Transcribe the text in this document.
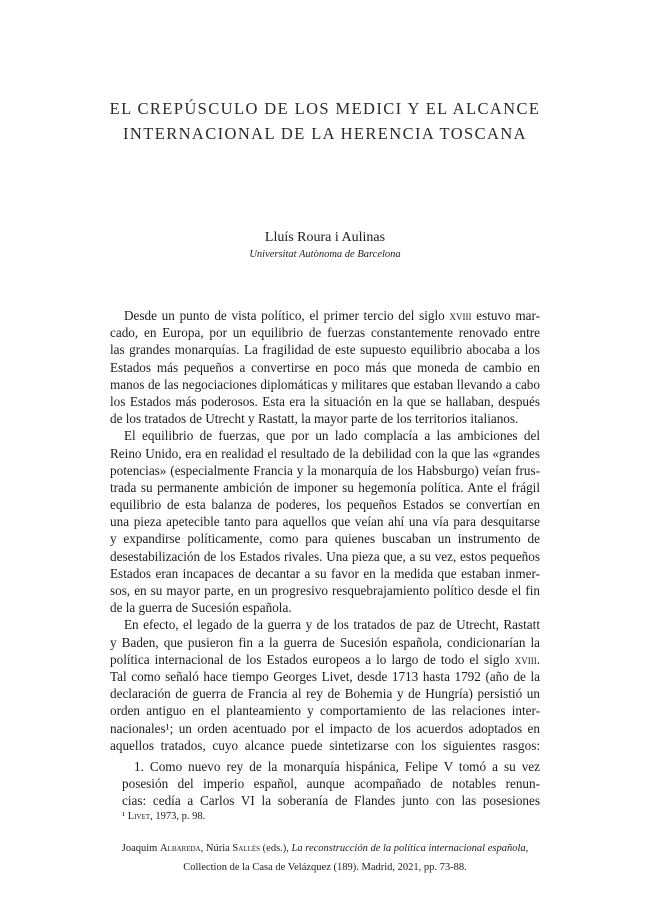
EL CREPÚSCULO DE LOS MEDICI Y EL ALCANCE
INTERNACIONAL DE LA HERENCIA TOSCANA
Lluís Roura i Aulinas
Universitat Autònoma de Barcelona
Desde un punto de vista político, el primer tercio del siglo xviii estuvo mar-
cado, en Europa, por un equilibrio de fuerzas constantemente renovado entre
las grandes monarquías. La fragilidad de este supuesto equilibrio abocaba a los
Estados más pequeños a convertirse en poco más que moneda de cambio en
manos de las negociaciones diplomáticas y militares que estaban llevando a cabo
los Estados más poderosos. Esta era la situación en la que se hallaban, después
de los tratados de Utrecht y Rastatt, la mayor parte de los territorios italianos.
El equilibrio de fuerzas, que por un lado complacía a las ambiciones del
Reino Unido, era en realidad el resultado de la debilidad con la que las «grandes
potencias» (especialmente Francia y la monarquía de los Habsburgo) veían frus-
trada su permanente ambición de imponer su hegemonía política. Ante el frágil
equilibrio de esta balanza de poderes, los pequeños Estados se convertían en
una pieza apetecible tanto para aquellos que veían ahí una vía para desquitarse
y expandirse políticamente, como para quienes buscaban un instrumento de
desestabilización de los Estados rivales. Una pieza que, a su vez, estos pequeños
Estados eran incapaces de decantar a su favor en la medida que estaban inmer-
sos, en su mayor parte, en un progresivo resquebrajamiento político desde el fin
de la guerra de Sucesión española.
En efecto, el legado de la guerra y de los tratados de paz de Utrecht, Rastatt
y Baden, que pusieron fin a la guerra de Sucesión española, condicionarían la
política internacional de los Estados europeos a lo largo de todo el siglo xviii.
Tal como señaló hace tiempo Georges Livet, desde 1713 hasta 1792 (año de la
declaración de guerra de Francia al rey de Bohemia y de Hungría) persistió un
orden antiguo en el planteamiento y comportamiento de las relaciones inter-
nacionales¹; un orden acentuado por el impacto de los acuerdos adoptados en
aquellos tratados, cuyo alcance puede sintetizarse con los siguientes rasgos:
1. Como nuevo rey de la monarquía hispánica, Felipe V tomó a su vez
posesión del imperio español, aunque acompañado de notables renun-
cias: cedía a Carlos VI la soberanía de Flandes junto con las posesiones
¹ Livet, 1973, p. 98.
Joaquim Albareda, Núria Sallés (eds.), La reconstrucción de la política internacional española,
Collection de la Casa de Velázquez (189). Madrid, 2021, pp. 73-88.
